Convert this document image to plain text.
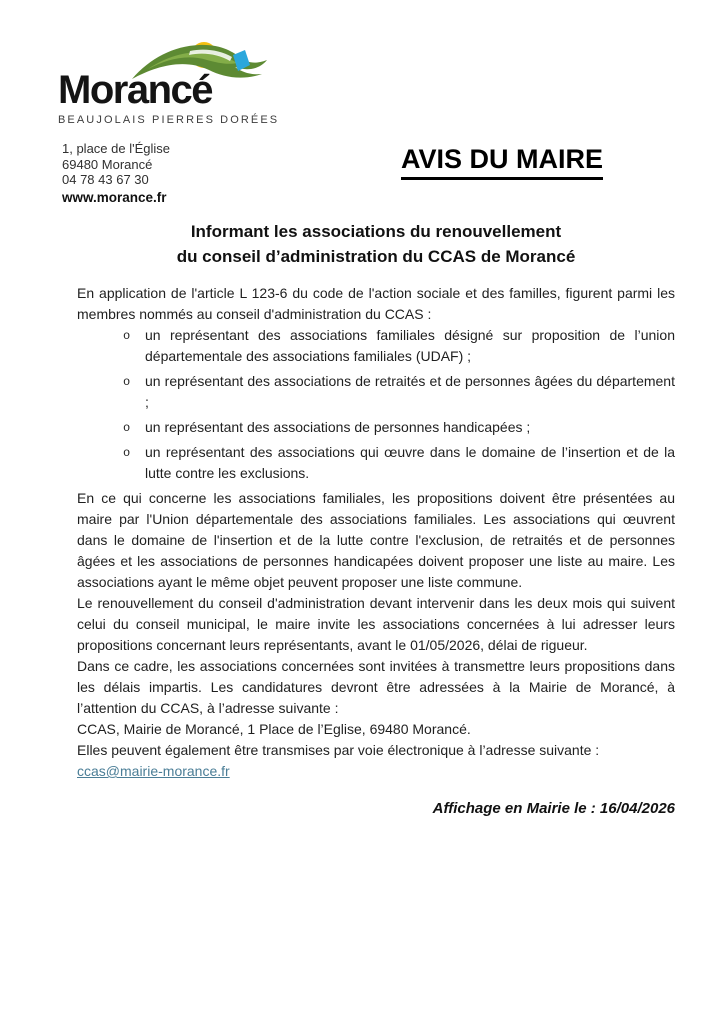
Morancé
BEAUJOLAIS PIERRES DORÉES
1, place de l'Église
69480 Morancé
04 78 43 67 30
www.morance.fr
AVIS DU MAIRE
Informant les associations du renouvellement
du conseil d’administration du CCAS de Morancé

En application de l'article L 123-6 du code de l'action sociale et des familles, figurent parmi les membres nommés au conseil d'administration du CCAS :

o un représentant des associations familiales désigné sur proposition de l’union départementale des associations familiales (UDAF) ;
o un représentant des associations de retraités et de personnes âgées du département ;
o un représentant des associations de personnes handicapées ;
o un représentant des associations qui œuvre dans le domaine de l’insertion et de la lutte contre les exclusions.

En ce qui concerne les associations familiales, les propositions doivent être présentées au maire par l'Union départementale des associations familiales. Les associations qui œuvrent dans le domaine de l'insertion et de la lutte contre l'exclusion, de retraités et de personnes âgées et les associations de personnes handicapées doivent proposer une liste au maire. Les associations ayant le même objet peuvent proposer une liste commune.

Le renouvellement du conseil d'administration devant intervenir dans les deux mois qui suivent celui du conseil municipal, le maire invite les associations concernées à lui adresser leurs propositions concernant leurs représentants, avant le 01/05/2026, délai de rigueur.

Dans ce cadre, les associations concernées sont invitées à transmettre leurs propositions dans les délais impartis. Les candidatures devront être adressées à la Mairie de Morancé, à l’attention du CCAS, à l’adresse suivante :

CCAS, Mairie de Morancé, 1 Place de l’Eglise, 69480 Morancé.

Elles peuvent également être transmises par voie électronique à l’adresse suivante :

ccas@mairie-morance.fr
Affichage en Mairie le : 16/04/2026
